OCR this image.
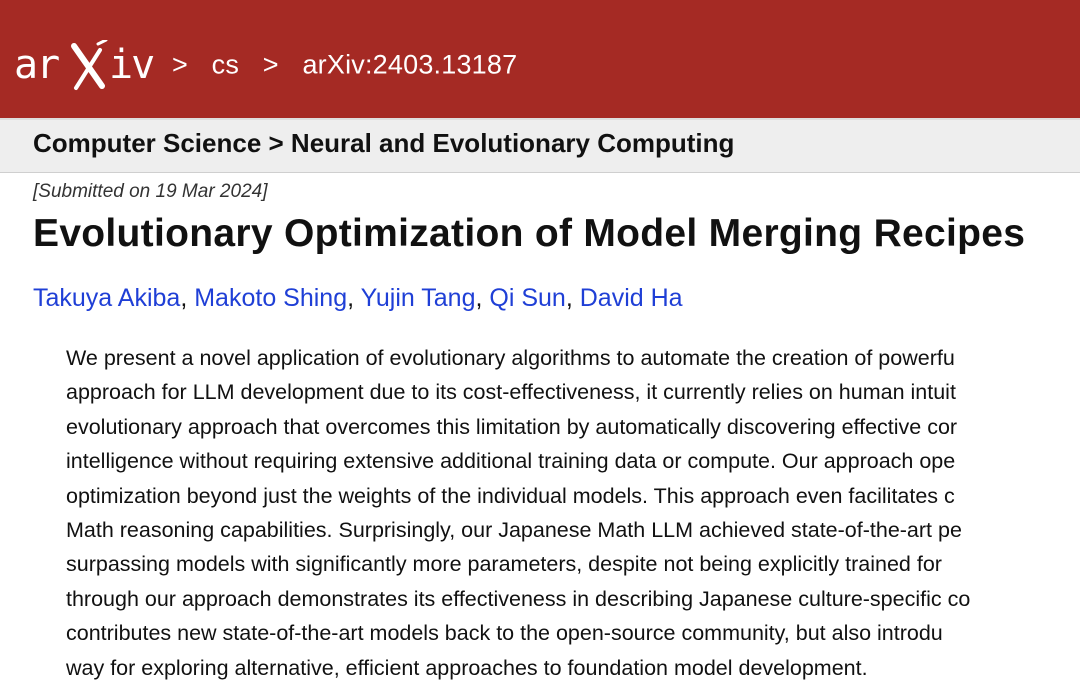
ar iv > cs > arXiv:2403.13187
Computer Science > Neural and Evolutionary Computing
[Submitted on 19 Mar 2024]
Evolutionary Optimization of Model Merging Recipes
Takuya Akiba, Makoto Shing, Yujin Tang, Qi Sun, David Ha
We present a novel application of evolutionary algorithms to automate the creation of powerfu
approach for LLM development due to its cost-effectiveness, it currently relies on human intuit
evolutionary approach that overcomes this limitation by automatically discovering effective cor
intelligence without requiring extensive additional training data or compute. Our approach ope
optimization beyond just the weights of the individual models. This approach even facilitates c
Math reasoning capabilities. Surprisingly, our Japanese Math LLM achieved state-of-the-art pe
surpassing models with significantly more parameters, despite not being explicitly trained for
through our approach demonstrates its effectiveness in describing Japanese culture-specific co
contributes new state-of-the-art models back to the open-source community, but also introdu
way for exploring alternative, efficient approaches to foundation model development.
